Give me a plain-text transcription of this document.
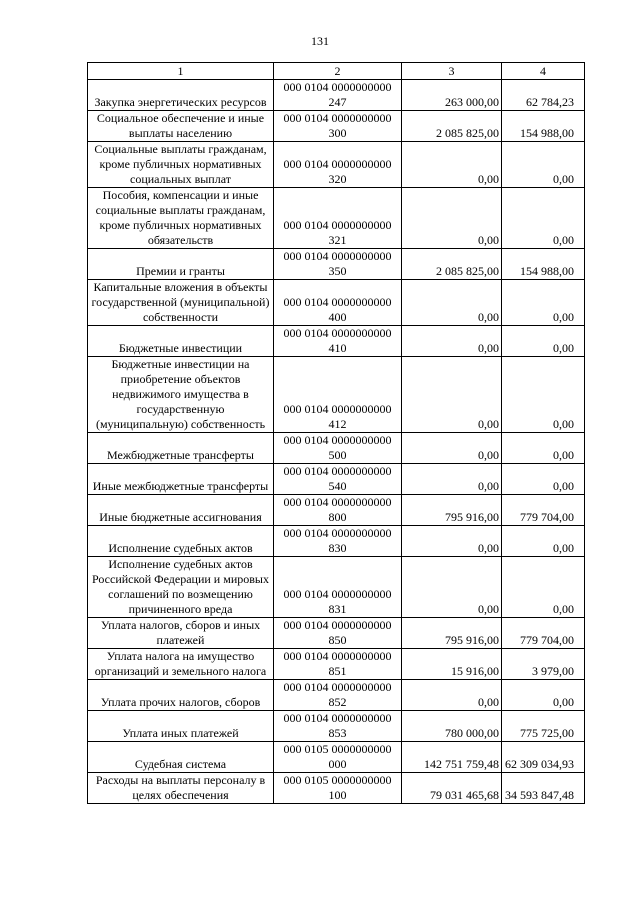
131
1	2	3	4
Закупка энергетических ресурсов	000 0104 0000000000 247	263 000,00	62 784,23
Социальное обеспечение и иные выплаты населению	000 0104 0000000000 300	2 085 825,00	154 988,00
Социальные выплаты гражданам, кроме публичных нормативных социальных выплат	000 0104 0000000000 320	0,00	0,00
Пособия, компенсации и иные социальные выплаты гражданам, кроме публичных нормативных обязательств	000 0104 0000000000 321	0,00	0,00
Премии и гранты	000 0104 0000000000 350	2 085 825,00	154 988,00
Капитальные вложения в объекты государственной (муниципальной) собственности	000 0104 0000000000 400	0,00	0,00
Бюджетные инвестиции	000 0104 0000000000 410	0,00	0,00
Бюджетные инвестиции на приобретение объектов недвижимого имущества в государственную (муниципальную) собственность	000 0104 0000000000 412	0,00	0,00
Межбюджетные трансферты	000 0104 0000000000 500	0,00	0,00
Иные межбюджетные трансферты	000 0104 0000000000 540	0,00	0,00
Иные бюджетные ассигнования	000 0104 0000000000 800	795 916,00	779 704,00
Исполнение судебных актов	000 0104 0000000000 830	0,00	0,00
Исполнение судебных актов Российской Федерации и мировых соглашений по возмещению причиненного вреда	000 0104 0000000000 831	0,00	0,00
Уплата налогов, сборов и иных платежей	000 0104 0000000000 850	795 916,00	779 704,00
Уплата налога на имущество организаций и земельного налога	000 0104 0000000000 851	15 916,00	3 979,00
Уплата прочих налогов, сборов	000 0104 0000000000 852	0,00	0,00
Уплата иных платежей	000 0104 0000000000 853	780 000,00	775 725,00
Судебная система	000 0105 0000000000 000	142 751 759,48	62 309 034,93
Расходы на выплаты персоналу в целях обеспечения	000 0105 0000000000 100	79 031 465,68	34 593 847,48
